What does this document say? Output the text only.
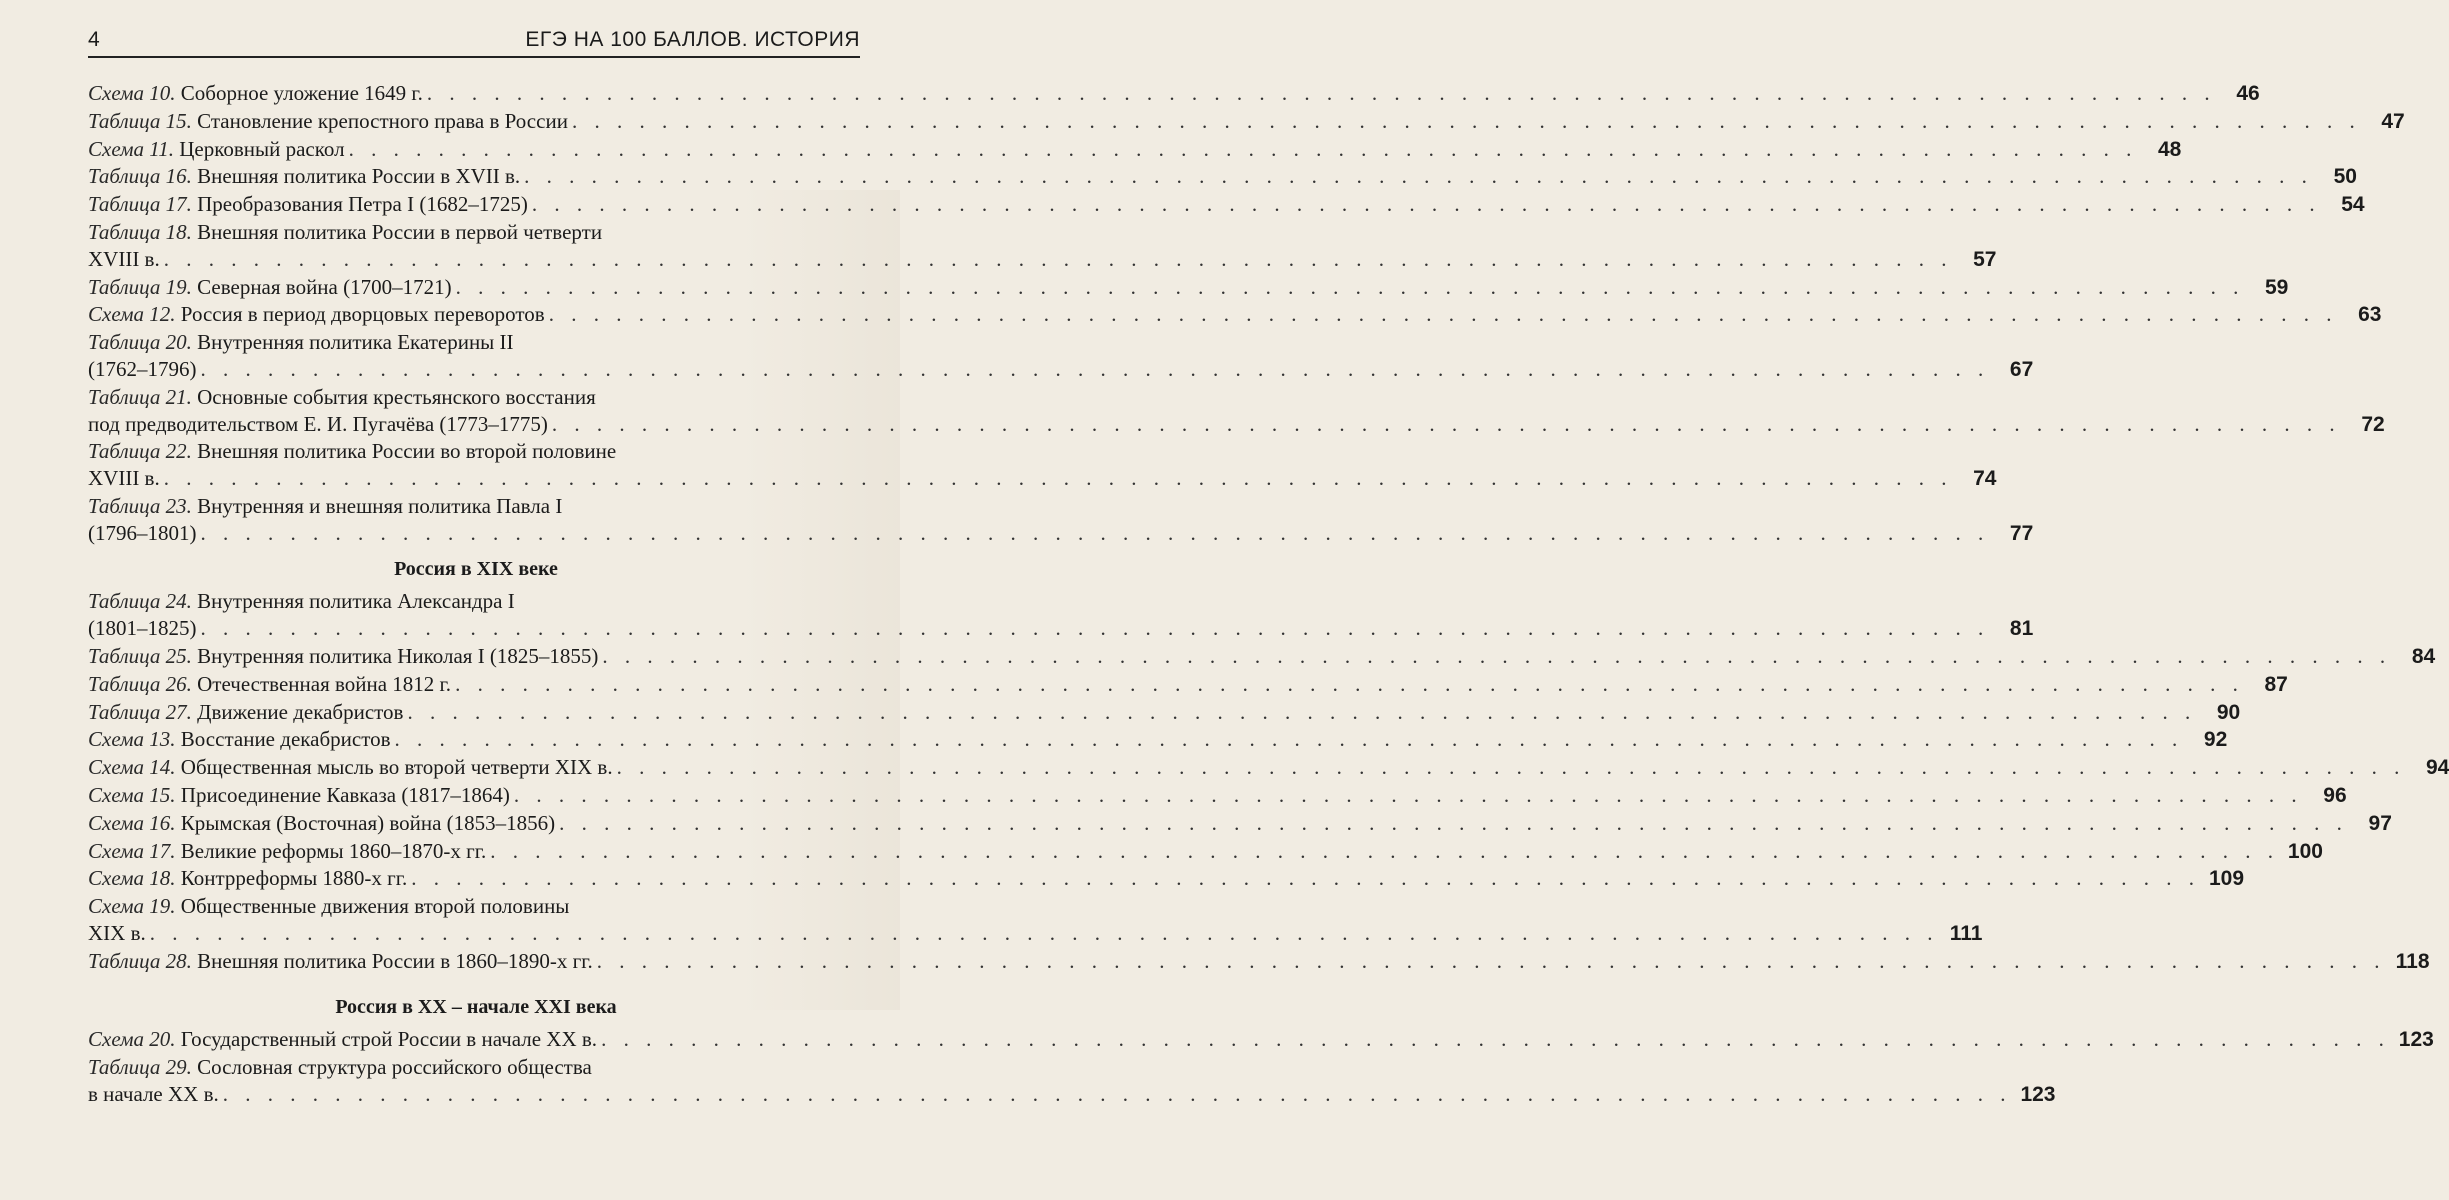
4	ЕГЭ НА 100 БАЛЛОВ. ИСТОРИЯ
Схема 10. Соборное уложение 1649 г. . . .	46
Таблица 15. Становление крепостного права в России . . .	47
Схема 11. Церковный раскол . . .	48
Таблица 16. Внешняя политика России в XVII в. . . .	50
Таблица 17. Преобразования Петра I (1682–1725) . . .	54
Таблица 18. Внешняя политика России в первой четверти
XVIII в. . . .	57
Таблица 19. Северная война (1700–1721) . . .	59
Схема 12. Россия в период дворцовых переворотов . . .	63
Таблица 20. Внутренняя политика Екатерины II
(1762–1796) . . .	67
Таблица 21. Основные события крестьянского восстания
под предводительством Е. И. Пугачёва (1773–1775) . . .	72
Таблица 22. Внешняя политика России во второй половине
XVIII в. . . .	74
Таблица 23. Внутренняя и внешняя политика Павла I
(1796–1801) . . .	77
Россия в XIX веке
Таблица 24. Внутренняя политика Александра I
(1801–1825) . . .	81
Таблица 25. Внутренняя политика Николая I (1825–1855) . . .	84
Таблица 26. Отечественная война 1812 г. . . .	87
Таблица 27. Движение декабристов . . .	90
Схема 13. Восстание декабристов . . .	92
Схема 14. Общественная мысль во второй четверти XIX в. . . .	94
Схема 15. Присоединение Кавказа (1817–1864) . . .	96
Схема 16. Крымская (Восточная) война (1853–1856) . . .	97
Схема 17. Великие реформы 1860–1870-х гг. . . .	100
Схема 18. Контрреформы 1880-х гг. . . .	109
Схема 19. Общественные движения второй половины
XIX в. . . .	111
Таблица 28. Внешняя политика России в 1860–1890-х гг. . . .	118
Россия в XX – начале XXI века
Схема 20. Государственный строй России в начале XX в. . . .	123
Таблица 29. Сословная структура российского общества
в начале XX в. . . .	123
